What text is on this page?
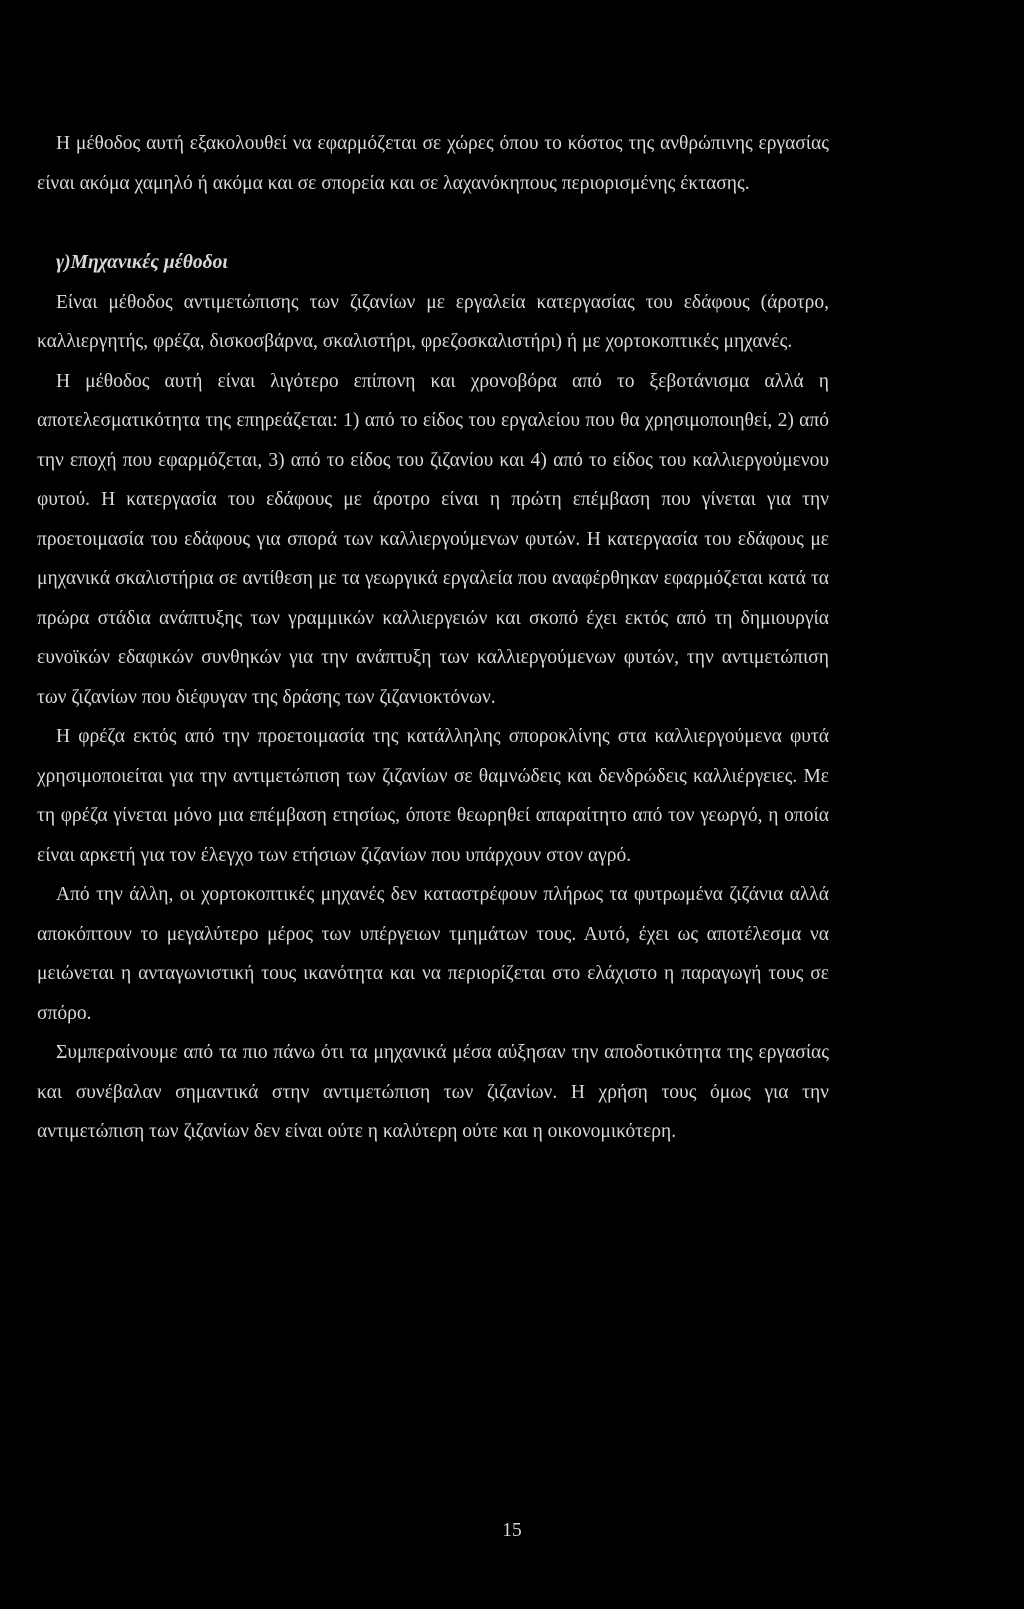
Η μέθοδος αυτή εξακολουθεί να εφαρμόζεται σε χώρες όπου το κόστος της ανθρώπινης εργασίας είναι ακόμα χαμηλό ή ακόμα και σε σπορεία και σε λαχανόκηπους περιορισμένης έκτασης.

γ)Μηχανικές μέθοδοι

Είναι μέθοδος αντιμετώπισης των ζιζανίων με εργαλεία κατεργασίας του εδάφους (άροτρο, καλλιεργητής, φρέζα, δισκοσβάρνα, σκαλιστήρι, φρεζοσκαλιστήρι) ή με χορτοκοπτικές μηχανές.

Η μέθοδος αυτή είναι λιγότερο επίπονη και χρονοβόρα από το ξεβοτάνισμα αλλά η αποτελεσματικότητα της επηρεάζεται: 1) από το είδος του εργαλείου που θα χρησιμοποιηθεί, 2) από την εποχή που εφαρμόζεται, 3) από το είδος του ζιζανίου και 4) από το είδος του καλλιεργούμενου φυτού. Η κατεργασία του εδάφους με άροτρο είναι η πρώτη επέμβαση που γίνεται για την προετοιμασία του εδάφους για σπορά των καλλιεργούμενων φυτών. Η κατεργασία του εδάφους με μηχανικά σκαλιστήρια σε αντίθεση με τα γεωργικά εργαλεία που αναφέρθηκαν εφαρμόζεται κατά τα πρώρα στάδια ανάπτυξης των γραμμικών καλλιεργειών και σκοπό έχει εκτός από τη δημιουργία ευνοϊκών εδαφικών συνθηκών για την ανάπτυξη των καλλιεργούμενων φυτών, την αντιμετώπιση των ζιζανίων που διέφυγαν της δράσης των ζιζανιοκτόνων.

Η φρέζα εκτός από την προετοιμασία της κατάλληλης σποροκλίνης στα καλλιεργούμενα φυτά χρησιμοποιείται για την αντιμετώπιση των ζιζανίων σε θαμνώδεις και δενδρώδεις καλλιέργειες. Με τη φρέζα γίνεται μόνο μια επέμβαση ετησίως, όποτε θεωρηθεί απαραίτητο από τον γεωργό, η οποία είναι αρκετή για τον έλεγχο των ετήσιων ζιζανίων που υπάρχουν στον αγρό.

Από την άλλη, οι χορτοκοπτικές μηχανές δεν καταστρέφουν πλήρως τα φυτρωμένα ζιζάνια αλλά αποκόπτουν το μεγαλύτερο μέρος των υπέργειων τμημάτων τους. Αυτό, έχει ως αποτέλεσμα να μειώνεται η ανταγωνιστική τους ικανότητα και να περιορίζεται στο ελάχιστο η παραγωγή τους σε σπόρο.

Συμπεραίνουμε από τα πιο πάνω ότι τα μηχανικά μέσα αύξησαν την αποδοτικότητα της εργασίας και συνέβαλαν σημαντικά στην αντιμετώπιση των ζιζανίων. Η χρήση τους όμως για την αντιμετώπιση των ζιζανίων δεν είναι ούτε η καλύτερη ούτε και η οικονομικότερη.

15
